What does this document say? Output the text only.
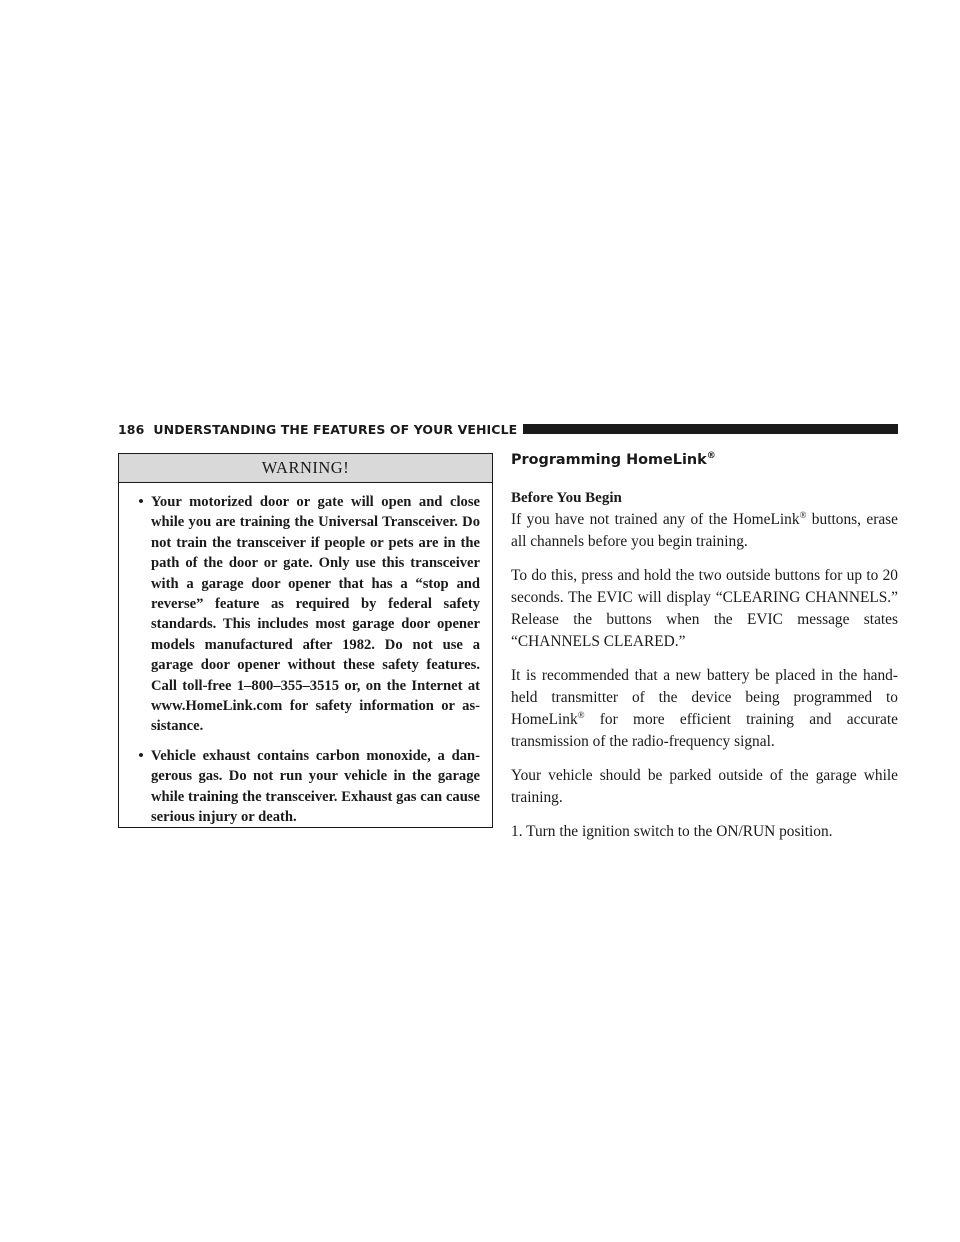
186 UNDERSTANDING THE FEATURES OF YOUR VEHICLE
WARNING!
• Your motorized door or gate will open and close while you are training the Universal Transceiver. Do not train the transceiver if people or pets are in the path of the door or gate. Only use this transceiver with a garage door opener that has a “stop and reverse” feature as required by federal safety standards. This includes most garage door opener models manufactured after 1982. Do not use a garage door opener without these safety features. Call toll-free 1–800–355–3515 or, on the Internet at www.HomeLink.com for safety information or assistance.
• Vehicle exhaust contains carbon monoxide, a dangerous gas. Do not run your vehicle in the garage while training the transceiver. Exhaust gas can cause serious injury or death.
Programming HomeLink®
Before You Begin

If you have not trained any of the HomeLink® buttons, erase all channels before you begin training.

To do this, press and hold the two outside buttons for up to 20 seconds. The EVIC will display “CLEARING CHANNELS.” Release the buttons when the EVIC message states “CHANNELS CLEARED.”

It is recommended that a new battery be placed in the hand-held transmitter of the device being programmed to HomeLink® for more efficient training and accurate transmission of the radio-frequency signal.

Your vehicle should be parked outside of the garage while training.

1. Turn the ignition switch to the ON/RUN position.
